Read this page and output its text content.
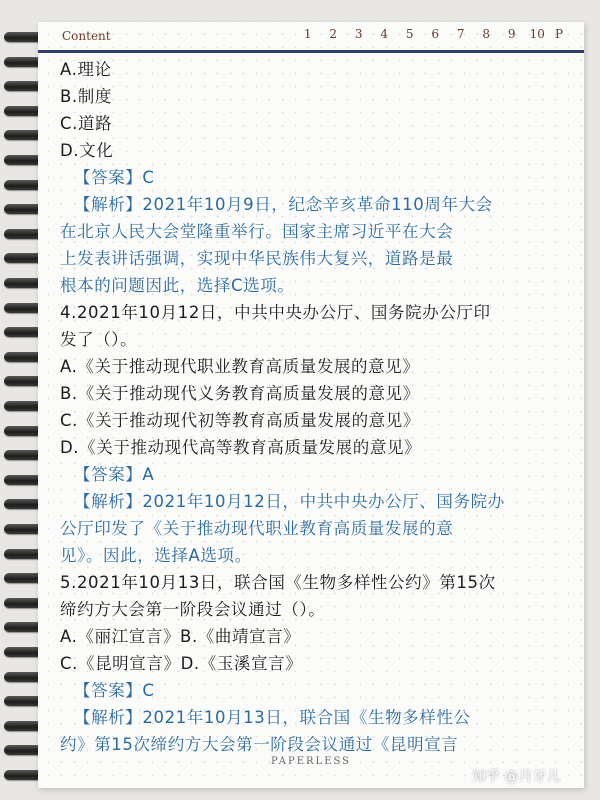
Content	1	2	3	4	5	6	7	8	9	10 P
A.理论
B.制度
C.道路
D.文化
【答案】C
【解析】2021年10月9日，纪念辛亥革命110周年大会
在北京人民大会堂隆重举行。国家主席习近平在大会
上发表讲话强调，实现中华民族伟大复兴，道路是最
根本的问题因此，选择C选项。
4.2021年10月12日，中共中央办公厅、国务院办公厅印
发了（）。
A.《关于推动现代职业教育高质量发展的意见》
B.《关于推动现代义务教育高质量发展的意见》
C.《关于推动现代初等教育高质量发展的意见》
D.《关于推动现代高等教育高质量发展的意见》
【答案】A
【解析】2021年10月12日，中共中央办公厅、国务院办
公厅印发了《关于推动现代职业教育高质量发展的意
见》。因此，选择A选项。
5.2021年10月13日，联合国《生物多样性公约》第15次
缔约方大会第一阶段会议通过（）。
A.《丽江宣言》B.《曲靖宣言》
C.《昆明宣言》D.《玉溪宣言》
【答案】C
【解析】2021年10月13日，联合国《生物多样性公
约》第15次缔约方大会第一阶段会议通过《昆明宣言
PAPERLESS
知乎 @月牙儿
